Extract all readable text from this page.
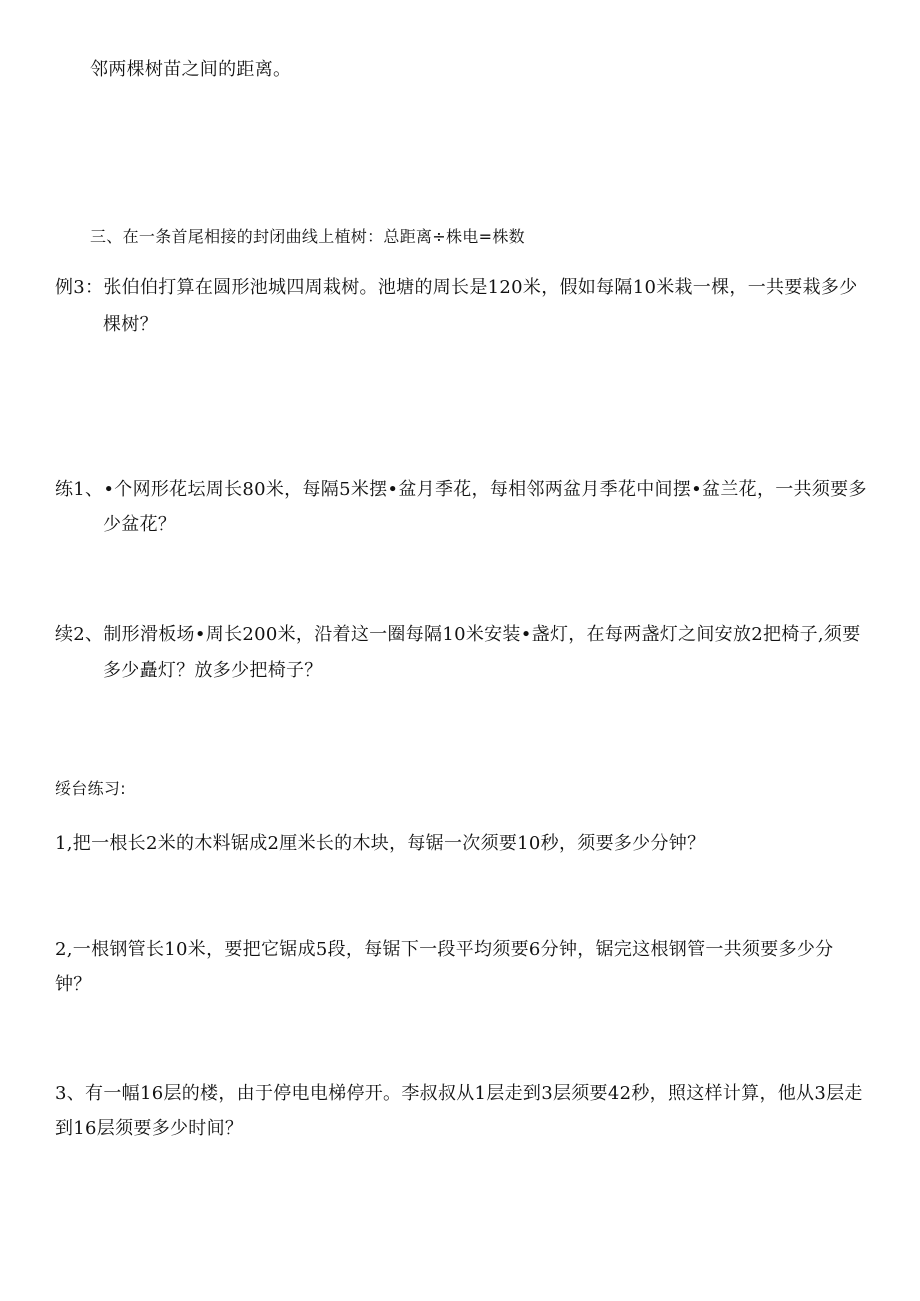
邻两棵树苗之间的距离。
三、在一条首尾相接的封闭曲线上植树：总距离÷株电=株数
例3：张伯伯打算在圆形池城四周栽树。池塘的周长是120米，假如每隔10米栽一棵，一共要栽多少
棵树？
练1、•个网形花坛周长80米，每隔5米摆•盆月季花，每相邻两盆月季花中间摆•盆兰花，一共须要多
少盆花？
续2、制形滑板场•周长200米，沿着这一圈每隔10米安装•盏灯，在每两盏灯之间安放2把椅子,须要
多少矗灯？放多少把椅子？
绥台练习:
1,把一根长2米的木料锯成2厘米长的木块，每锯一次须要10秒，须要多少分钟？
2,一根钢管长10米，要把它锯成5段，每锯下一段平均须要6分钟，锯完这根钢管一共须要多少分
钟？
3、有一幅16层的楼，由于停电电梯停开。李叔叔从1层走到3层须要42秒，照这样计算，他从3层走
到16层须要多少时间？
